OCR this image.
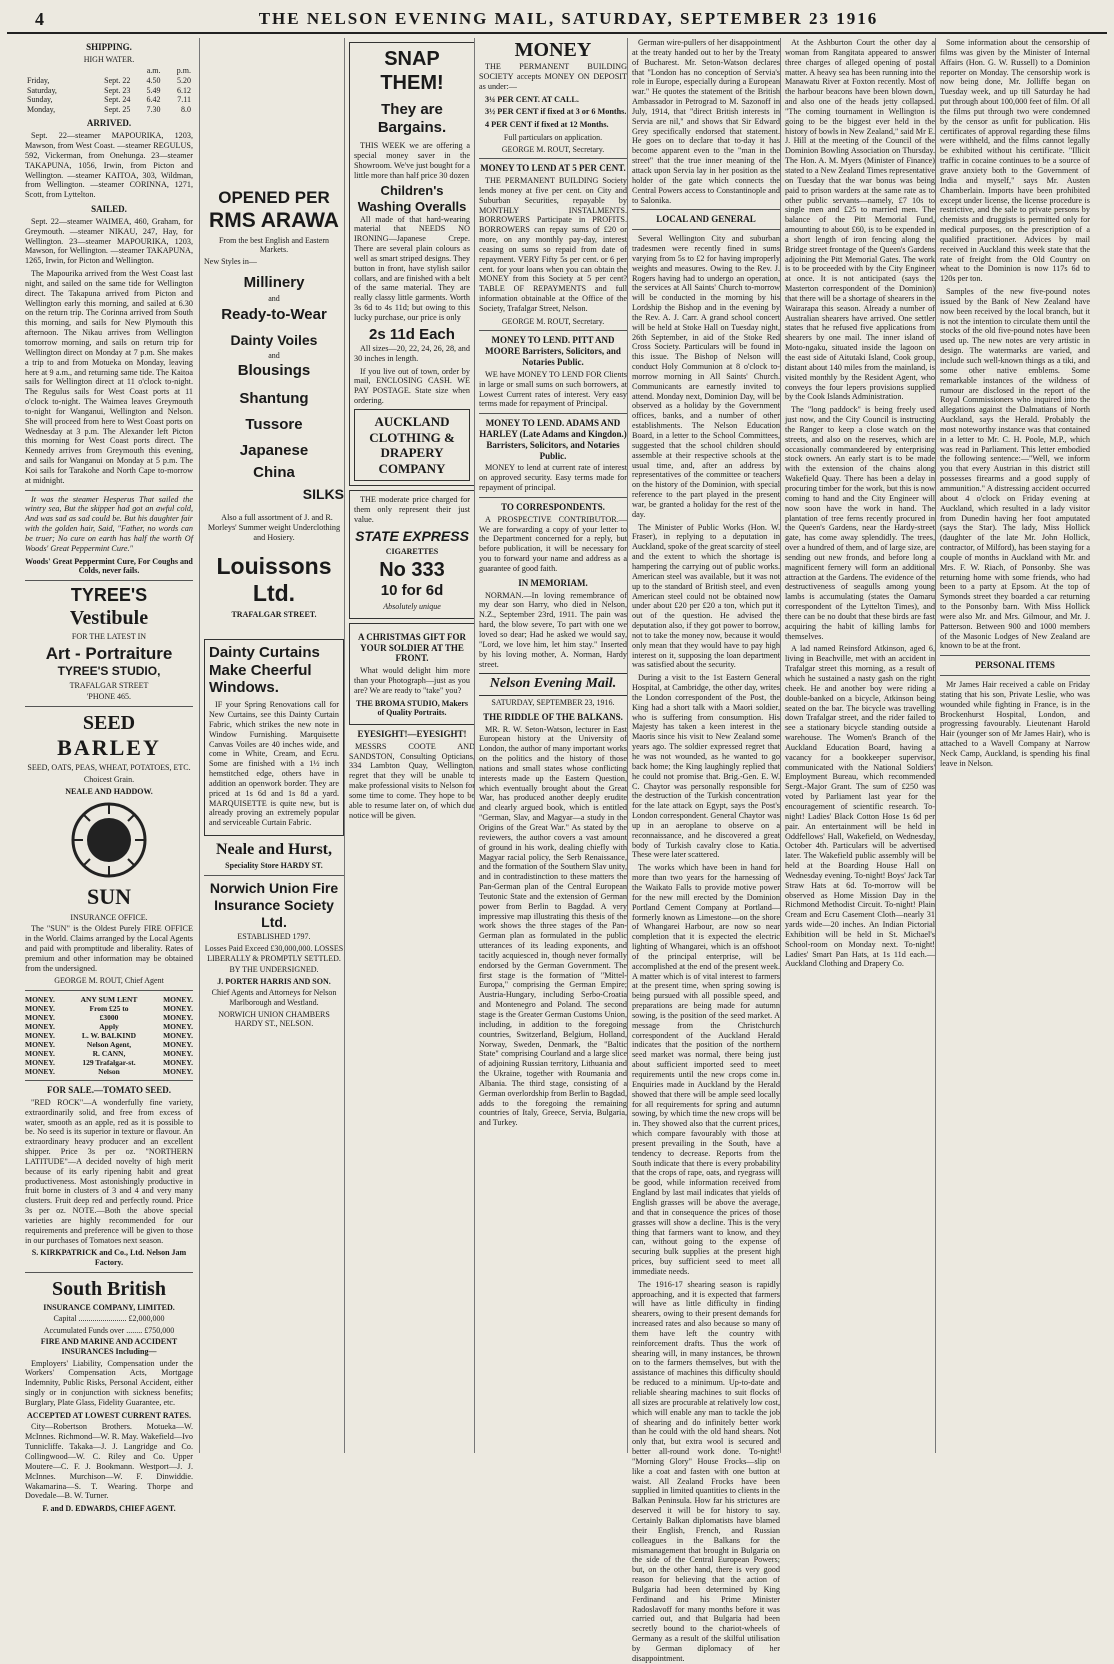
4	THE NELSON EVENING MAIL, SATURDAY, SEPTEMBER 23 1916
SHIPPING.
HIGH WATER.
		a.m.	p.m.
Friday,	Sept. 22	4.50	5.20
Saturday,	Sept. 23	5.49	6.12
Sunday,	Sept. 24	6.42	7.11
Monday,	Sept. 25	7.30	8.0
ARRIVED.

Sept. 22—steamer MAPOURIKA, 1203, Mawson, from West Coast. —steamer REGULUS, 592, Vickerman, from Onehunga. 23—steamer TAKAPUNA, 1056, Irwin, from Picton and Wellington. —steamer KAITOA, 303, Wildman, from Wellington. —steamer CORINNA, 1271, Scott, from Lyttelton.

SAILED.

Sept. 22—steamer WAIMEA, 460, Graham, for Greymouth. —steamer NIKAU, 247, Hay, for Wellington. 23—steamer MAPOURIKA, 1203, Mawson, for Wellington. —steamer TAKAPUNA, 1265, Irwin, for Picton and Wellington.

The Mapourika arrived from the West Coast last night, and sailed on the same tide for Wellington direct. The Takapuna arrived from Picton and Wellington early this morning, and sailed at 6.30 on the return trip. The Corinna arrived from South this morning, and sails for New Plymouth this afternoon. The Nikau arrives from Wellington tomorrow morning, and sails on return trip for Wellington direct on Monday at 7 p.m. She makes a trip to and from Motueka on Monday, leaving here at 9 a.m., and returning same tide. The Kaitoa sails for Wellington direct at 11 o'clock to-night. The Regulus sails for West Coast ports at 11 o'clock to-night. The Waimea leaves Greymouth to-night for Wanganui, Wellington and Nelson. She will proceed from here to West Coast ports on Wednesday at 3 p.m. The Alexander left Picton this morning for West Coast ports direct. The Kennedy arrives from Greymouth this evening, and sails for Wanganui on Monday at 5 p.m. The Koi sails for Tarakohe and North Cape to-morrow at midnight.

It was the steamer Hesperus That sailed the wintry sea, But the skipper had got an awful cold, And was sad as sad could be. But his daughter fair with the golden hair, Said, "Father, no words can be truer; No cure on earth has half the worth Of Woods' Great Peppermint Cure."

Woods' Great Peppermint Cure, For Coughs and Colds, never fails.
TYREE'S
Vestibule
FOR THE LATEST IN
Art - Portraiture
TYREE'S STUDIO,
TRAFALGAR STREET
'PHONE 465.
SEED
BARLEY
SEED, OATS, PEAS, WHEAT, POTATOES, ETC.
Choicest Grain.
NEALE AND HADDOW.
SUN
INSURANCE OFFICE.

The "SUN" is the Oldest Purely FIRE OFFICE in the World. Claims arranged by the Local Agents and paid with promptitude and liberality. Rates of premium and other information may be obtained from the undersigned.

GEORGE M. ROUT, Chief Agent
MONEY.	ANY SUM LENT	MONEY.
MONEY.	From £25 to	MONEY.
MONEY.	£3000	MONEY.
MONEY.	Apply	MONEY.
MONEY.	L. W. BALKIND	MONEY.
MONEY.	Nelson Agent,	MONEY.
MONEY.	R. CANN,	MONEY.
MONEY.	129 Trafalgar-st.	MONEY.
MONEY.	Nelson	MONEY.
FOR SALE.—TOMATO SEED.

"RED ROCK"—A wonderfully fine variety, extraordinarily solid, and free from excess of water, smooth as an apple, red as it is possible to be. No seed is its superior in texture or flavour. An extraordinary heavy producer and an excellent shipper. Price 3s per oz. "NORTHERN LATITUDE"—A decided novelty of high merit because of its early ripening habit and great productiveness. Most astonishingly productive in fruit borne in clusters of 3 and 4 and very many clusters. Fruit deep red and perfectly round. Price 3s per oz. NOTE.—Both the above special varieties are highly recommended for our requirements and preference will be given to those in our purchases of Tomatoes next season.

S. KIRKPATRICK and Co., Ltd. Nelson Jam Factory.
South British
INSURANCE COMPANY, LIMITED.
Capital ........................ £2,000,000
Accumulated Funds over ........ £750,000
FIRE AND MARINE AND ACCIDENT INSURANCES Including—

Employers' Liability, Compensation under the Workers' Compensation Acts, Mortgage Indemnity, Public Risks, Personal Accident, either singly or in conjunction with sickness benefits; Burglary, Plate Glass, Fidelity Guarantee, etc.

ACCEPTED AT LOWEST CURRENT RATES.

City—Robertson Brothers. Motueka—W. McInnes. Richmond—W. R. May. Wakefield—Ivo Tunnicliffe. Takaka—J. J. Langridge and Co. Collingwood—W. C. Riley and Co. Upper Moutere—C. F. J. Bookmann. Westport—J. J. McInnes. Murchison—W. F. Dinwiddie. Wakamarina—S. T. Wearing. Thorpe and Dovedale—B. W. Turner.

F. and D. EDWARDS, CHIEF AGENT.
OPENED PER
RMS ARAWA
From the best English and Eastern Markets.
New Styles in—
Millinery
and
Ready-to-Wear
Dainty Voiles
and
Blousings
Shantung
Tussore
Japanese
China
SILKS

Also a full assortment of J. and R. Morleys' Summer weight Underclothing and Hosiery.

Louissons Ltd.
TRAFALGAR STREET.
Dainty Curtains Make Cheerful Windows.

IF your Spring Renovations call for New Curtains, see this Dainty Curtain Fabric, which strikes the new note in Window Furnishing. Marquisette Canvas Voiles are 40 inches wide, and come in White, Cream, and Ecru. Some are finished with a 1½ inch hemstitched edge, others have in addition an openwork border. They are priced at 1s 6d and 1s 8d a yard. MARQUISETTE is quite new, but is already proving an extremely popular and serviceable Curtain Fabric.

Neale and Hurst,
Speciality Store HARDY ST.
Norwich Union Fire Insurance Society Ltd.
ESTABLISHED 1797.
Losses Paid Exceed £30,000,000. LOSSES LIBERALLY & PROMPTLY SETTLED.
BY THE UNDERSIGNED.
J. PORTER HARRIS AND SON.
Chief Agents and Attorneys for Nelson Marlborough and Westland.
NORWICH UNION CHAMBERS HARDY ST., NELSON.
SNAP THEM!
They are Bargains.

THIS WEEK we are offering a special money saver in the Showroom. We've just bought for a little more than half price 30 dozen

Children's Washing Overalls

All made of that hard-wearing material that NEEDS NO IRONING—Japanese Crepe. There are several plain colours as well as smart striped designs. They button in front, have stylish sailor collars, and are finished with a belt of the same material. They are really classy little garments. Worth 3s 6d to 4s 11d; but owing to this lucky purchase, our price is only

2s 11d Each

All sizes—20, 22, 24, 26, 28, and 30 inches in length.

If you live out of town, order by mail, ENCLOSING CASH. WE PAY POSTAGE. State size when ordering.

AUCKLAND CLOTHING & DRAPERY COMPANY

THE moderate price charged for them only represent their just value.

STATE EXPRESS
CIGARETTES
No 333
10 for 6d
Absolutely unique
A CHRISTMAS GIFT FOR YOUR SOLDIER AT THE FRONT.

What would delight him more than your Photograph—just as you are? We are ready to "take" you?

THE BROMA STUDIO, Makers of Quality Portraits.
EYESIGHT!—EYESIGHT!

MESSRS COOTE AND SANDSTON, Consulting Opticians, 334 Lambton Quay, Wellington, regret that they will be unable to make professional visits to Nelson for some time to come. They hope to be able to resume later on, of which due notice will be given.

MONEY

THE PERMANENT BUILDING SOCIETY accepts MONEY ON DEPOSIT as under:—

3¼ PER CENT. AT CALL.

3½ PER CENT if fixed at 3 or 6 Months.

4 PER CENT if fixed at 12 Months.

Full particulars on application.
GEORGE M. ROUT, Secretary.
MONEY TO LEND AT 5 PER CENT.

THE PERMANENT BUILDING Society lends money at five per cent. on City and Suburban Securities, repayable by MONTHLY INSTALMENTS. BORROWERS Participate in PROFITS. BORROWERS can repay sums of £20 or more, on any monthly pay-day, interest ceasing on sums so repaid from date of repayment. VERY Fifty 5s per cent. or 6 per cent. for your loans when you can obtain the MONEY from this Society at 5 per cent? TABLE OF REPAYMENTS and full information obtainable at the Office of the Society, Trafalgar Street, Nelson.

GEORGE M. ROUT, Secretary.
MONEY TO LEND. PITT AND MOORE Barristers, Solicitors, and Notaries Public.

WE have MONEY TO LEND FOR Clients in large or small sums on such borrowers, at Lowest Current rates of interest. Very easy terms made for repayment of Principal.

MONEY TO LEND. ADAMS AND HARLEY (Late Adams and Kingdon.) Barristers, Solicitors, and Notaries Public.

MONEY to lend at current rate of interest on approved security. Easy terms made for repayment of principal.

TO CORRESPONDENTS.

A PROSPECTIVE CONTRIBUTOR.—We are forwarding a copy of your letter to the Department concerned for a reply, but before publication, it will be necessary for you to forward your name and address as a guarantee of good faith.

IN MEMORIAM.

NORMAN.—In loving remembrance of my dear son Harry, who died in Nelson, N.Z., September 23rd, 1911. The pain was hard, the blow severe, To part with one we loved so dear; Had he asked we would say, "Lord, we love him, let him stay." Inserted by his loving mother, A. Norman, Hardy street.

Nelson Evening Mail.
SATURDAY, SEPTEMBER 23, 1916.
THE RIDDLE OF THE BALKANS.

MR. R. W. Seton-Watson, lecturer in East European history at the University of London, the author of many important works on the politics and the history of those nations and small states whose conflicting interests made up the Eastern Question, which eventually brought about the Great War, has produced another deeply erudite and clearly argued book, which is entitled "German, Slav, and Magyar—a study in the Origins of the Great War." As stated by the reviewers, the author covers a vast amount of ground in his work, dealing chiefly with Magyar racial policy, the Serb Renaissance, and the formation of the Southern Slav unity, and in contradistinction to these matters the Pan-German plan of the Central European Teutonic State and the extension of German power from Berlin to Bagdad. A very impressive map illustrating this thesis of the work shows the three stages of the Pan-German plan as formulated in the public utterances of its leading exponents, and tacitly acquiesced in, though never formally endorsed by the German Government. The first stage is the formation of "Mittel-Europa," comprising the German Empire; Austria-Hungary, including Serbo-Croatia and Montenegro and Poland. The second stage is the Greater German Customs Union, including, in addition to the foregoing countries, Switzerland, Belgium, Holland, Norway, Sweden, Denmark, the "Baltic State" comprising Courland and a large slice of adjoining Russian territory, Lithuania and the Ukraine, together with Roumania and Albania. The third stage, consisting of a German overlordship from Berlin to Bagdad, adds to the foregoing the remaining countries of Italy, Greece, Servia, Bulgaria, and Turkey.

German wire-pullers of her disappointment at the treaty handed out to her by the Treaty of Bucharest. Mr. Seton-Watson declares that "London has no conception of Servia's role in Europe, especially during a European war." He quotes the statement of the British Ambassador in Petrograd to M. Sazonoff in July, 1914, that "direct British interests in Servia are nil," and shows that Sir Edward Grey specifically endorsed that statement. He goes on to declare that to-day it has become apparent even to the "man in the street" that the true inner meaning of the attack upon Servia lay in her position as the holder of the gate which connects the Central Powers access to Constantinople and to Salonika.

LOCAL AND GENERAL

Several Wellington City and suburban tradesmen were recently fined in sums varying from 5s to £2 for having improperly weights and measures. Owing to the Rev. J. Rogers having had to undergo an operation, the services at All Saints' Church to-morrow will be conducted in the morning by his Lordship the Bishop and in the evening by the Rev. A. J. Carr. A grand school concert will be held at Stoke Hall on Tuesday night, 26th September, in aid of the Stoke Red Cross Society. Particulars will be found in this issue. The Bishop of Nelson will conduct Holy Communion at 8 o'clock to-morrow morning in All Saints' Church. Communicants are earnestly invited to attend. Monday next, Dominion Day, will be observed as a holiday by the Government offices, banks, and a number of other establishments. The Nelson Education Board, in a letter to the School Committees, suggested that the school children should assemble at their respective schools at the usual time, and, after an address by representatives of the committee or teachers on the history of the Dominion, with special reference to the part played in the present war, be granted a holiday for the rest of the day.

The Minister of Public Works (Hon. W. Fraser), in replying to a deputation in Auckland, spoke of the great scarcity of steel and the extent to which the shortage is hampering the carrying out of public works. American steel was available, but it was not up to the standard of British steel, and even American steel could not be obtained now under about £20 per £20 a ton, which put it out of the question. He advised the deputation also, if they got power to borrow, not to take the money now, because it would only mean that they would have to pay high interest on it, supposing the loan department was satisfied about the security.

During a visit to the 1st Eastern General Hospital, at Cambridge, the other day, writes the London correspondent of the Post, the King had a short talk with a Maori soldier, who is suffering from consumption. His Majesty has taken a keen interest in the Maoris since his visit to New Zealand some years ago. The soldier expressed regret that he was not wounded, as he wanted to go back home; the King laughingly replied that he could not promise that. Brig.-Gen. E. W. C. Chaytor was personally responsible for the destruction of the Turkish concentration for the late attack on Egypt, says the Post's London correspondent. General Chaytor was up in an aeroplane to observe on a reconnaissance, and he discovered a great body of Turkish cavalry close to Katia. These were later scattered.

The works which have been in hand for more than two years for the harnessing of the Waikato Falls to provide motive power for the new mill erected by the Dominion Portland Cement Company at Portland—formerly known as Limestone—on the shore of Whangarei Harbour, are now so near completion that it is expected the electric lighting of Whangarei, which is an offshoot of the principal enterprise, will be accomplished at the end of the present week. A matter which is of vital interest to farmers at the present time, when spring sowing is being pursued with all possible speed, and preparations are being made for autumn sowing, is the position of the seed market. A message from the Christchurch correspondent of the Auckland Herald indicates that the position of the northern seed market was normal, there being just about sufficient imported seed to meet requirements until the new crops come in. Enquiries made in Auckland by the Herald showed that there will be ample seed locally for all requirements for spring and autumn sowing, by which time the new crops will be in. They showed also that the current prices, which compare favourably with those at present prevailing in the South, have a tendency to decrease. Reports from the South indicate that there is every probability that the crops of rape, oats, and ryegrass will be good, while information received from England by last mail indicates that yields of English grasses will be above the average, and that in consequence the prices of those grasses will show a decline. This is the very thing that farmers want to know, and they can, without going to the expense of securing bulk supplies at the present high prices, buy sufficient seed to meet all immediate needs.

The 1916-17 shearing season is rapidly approaching, and it is expected that farmers will have as little difficulty in finding shearers, owing to their present demands for increased rates and also because so many of them have left the country with reinforcement drafts. Thus the work of shearing will, in many instances, be thrown on to the farmers themselves, but with the assistance of machines this difficulty should be reduced to a minimum. Up-to-date and reliable shearing machines to suit flocks of all sizes are procurable at relatively low cost, which will enable any man to tackle the job of shearing and do infinitely better work than he could with the old hand shears. Not only that, but extra wool is secured and better all-round work done. To-night! "Morning Glory" House Frocks—slip on like a coat and fasten with one button at waist. All Zealand Frocks have been supplied in limited quantities to clients in the Balkan Peninsula. How far his strictures are deserved it will be for history to say. Certainly Balkan diplomatists have blamed their English, French, and Russian colleagues in the Balkans for the mismanagement that brought in Bulgaria on the side of the Central European Powers; but, on the other hand, there is very good reason for believing that the action of Bulgaria had been determined by King Ferdinand and his Prime Minister Radoslavoff for many months before it was carried out, and that Bulgaria had been secretly bound to the chariot-wheels of Germany as a result of the skilful utilisation by German diplomacy of her disappointment.

At the Ashburton Court the other day a woman from Rangitata appeared to answer three charges of alleged opening of postal matter. A heavy sea has been running into the Manawatu River at Foxton recently. Most of the harbour beacons have been blown down, and also one of the heads jetty collapsed. "The coming tournament in Wellington is going to be the biggest ever held in the history of bowls in New Zealand," said Mr E. J. Hill at the meeting of the Council of the Dominion Bowling Association on Thursday. The Hon. A. M. Myers (Minister of Finance) stated to a New Zealand Times representative on Tuesday that the war bonus was being paid to prison warders at the same rate as to other public servants—namely, £7 10s to single men and £25 to married men. The balance of the Pitt Memorial Fund, amounting to about £60, is to be expended in a short length of iron fencing along the Bridge street frontage of the Queen's Gardens adjoining the Pitt Memorial Gates. The work is to be proceeded with by the City Engineer at once. It is not anticipated (says the Masterton correspondent of the Dominion) that there will be a shortage of shearers in the Wairarapa this season. Already a number of Australian shearers have arrived. One settler states that he refused five applications from shearers by one mail. The inner island of Moto-ngaku, situated inside the lagoon on the east side of Aitutaki Island, Cook group, distant about 140 miles from the mainland, is visited monthly by the Resident Agent, who conveys the four lepers provisions supplied by the Cook Islands Administration.

The "long paddock" is being freely used just now, and the City Council is instructing the Ranger to keep a close watch on the streets, and also on the reserves, which are occasionally commandeered by enterprising stock owners. An early start is to be made with the extension of the chains along Wakefield Quay. There has been a delay in procuring timber for the work, but this is now coming to hand and the City Engineer will now soon have the work in hand. The plantation of tree ferns recently procured in the Queen's Gardens, near the Hardy-street gate, has come away splendidly. The trees, over a hundred of them, and of large size, are sending out new fronds, and before long a magnificent fernery will form an additional attraction at the Gardens. The evidence of the destructiveness of seagulls among young lambs is accumulating (states the Oamaru correspondent of the Lyttelton Times), and there can be no doubt that these birds are fast acquiring the habit of killing lambs for themselves.

A lad named Reinsford Atkinson, aged 6, living in Beachville, met with an accident in Trafalgar street this morning, as a result of which he sustained a nasty gash on the right cheek. He and another boy were riding a double-banked on a bicycle, Atkinson being seated on the bar. The bicycle was travelling down Trafalgar street, and the rider failed to see a stationary bicycle standing outside a warehouse. The Women's Branch of the Auckland Education Board, having a vacancy for a bookkeeper supervisor, communicated with the National Soldiers' Employment Bureau, which recommended Sergt.-Major Grant. The sum of £250 was voted by Parliament last year for the encouragement of scientific research. To-night! Ladies' Black Cotton Hose 1s 6d per pair. An entertainment will be held in Oddfellows' Hall, Wakefield, on Wednesday, October 4th. Particulars will be advertised later. The Wakefield public assembly will be held at the Boarding House Hall on Wednesday evening. To-night! Boys' Jack Tar Straw Hats at 6d. To-morrow will be observed as Home Mission Day in the Richmond Methodist Circuit. To-night! Plain Cream and Ecru Casement Cloth—nearly 31 yards wide—20 inches. An Indian Pictorial Exhibition will be held in St. Michael's School-room on Monday next. To-night! Ladies' Smart Pan Hats, at 1s 11d each.—Auckland Clothing and Drapery Co.

Some information about the censorship of films was given by the Minister of Internal Affairs (Hon. G. W. Russell) to a Dominion reporter on Monday. The censorship work is now being done, Mr. Jolliffe began on Tuesday week, and up till Saturday he had put through about 100,000 feet of film. Of all the films put through two were condemned by the censor as unfit for publication. His certificates of approval regarding these films were withheld, and the films cannot legally be exhibited without his certificate. "Illicit traffic in cocaine continues to be a source of grave anxiety both to the Government of India and myself," says Mr. Austen Chamberlain. Imports have been prohibited except under license, the license procedure is restrictive, and the sale to private persons by chemists and druggists is permitted only for medical purposes, on the prescription of a qualified practitioner. Advices by mail received in Auckland this week state that the rate of freight from the Old Country on wheat to the Dominion is now 117s 6d to 120s per ton.

Samples of the new five-pound notes issued by the Bank of New Zealand have now been received by the local branch, but it is not the intention to circulate them until the stocks of the old five-pound notes have been used up. The new notes are very artistic in design. The watermarks are varied, and include such well-known things as a tiki, and some other native emblems. Some remarkable instances of the wildness of rumour are disclosed in the report of the Royal Commissioners who inquired into the allegations against the Dalmatians of North Auckland, says the Herald. Probably the most noteworthy instance was that contained in a letter to Mr. C. H. Poole, M.P., which was read in Parliament. This letter embodied the following sentence:—"Well, we inform you that every Austrian in this district still possesses firearms and a good supply of ammunition." A distressing accident occurred about 4 o'clock on Friday evening at Auckland, which resulted in a lady visitor from Dunedin having her foot amputated (says the Star). The lady, Miss Hollick (daughter of the late Mr. John Hollick, contractor, of Milford), has been staying for a couple of months in Auckland with Mr. and Mrs. F. W. Riach, of Ponsonby. She was returning home with some friends, who had been to a party at Epsom. At the top of Symonds street they boarded a car returning to the Ponsonby barn. With Miss Hollick were also Mr. and Mrs. Gilmour, and Mr. J. Patterson. Between 900 and 1000 members of the Masonic Lodges of New Zealand are known to be at the front.

PERSONAL ITEMS

Mr James Hair received a cable on Friday stating that his son, Private Leslie, who was wounded while fighting in France, is in the Brockenhurst Hospital, London, and progressing favourably. Lieutenant Harold Hair (younger son of Mr James Hair), who is attached to a Wavell Company at Narrow Neck Camp, Auckland, is spending his final leave in Nelson.
